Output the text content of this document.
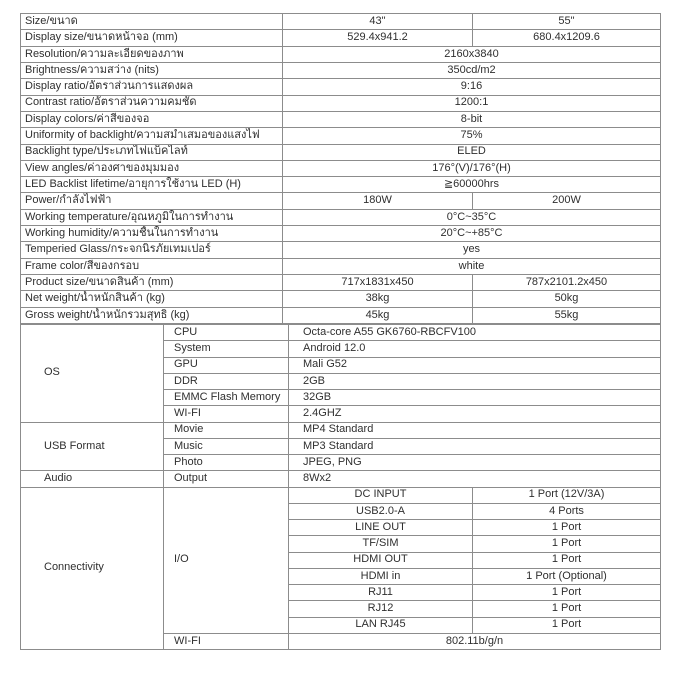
Size/ขนาด	43"	55"
Display size/ขนาดหน้าจอ (mm)	529.4x941.2	680.4x1209.6
Resolution/ความละเอียดของภาพ	2160x3840	
Brightness/ความสว่าง (nits)	350cd/m2	
Display ratio/อัตราส่วนการแสดงผล	9:16	
Contrast ratio/อัตราส่วนความคมชัด	1200:1	
Display colors/ค่าสีของจอ	8-bit	
Uniformity of backlight/ความสม่ำเสมอของแสงไฟ	75%	
Backlight type/ประเภทไฟแบ็คไลท์	ELED	
View angles/ค่าองศาของมุมมอง	176°(V)/176°(H)	
LED Backlist lifetime/อายุการใช้งาน LED (H)	≧60000hrs	
Power/กำลังไฟฟ้า	180W	200W
Working temperature/อุณหภูมิในการทำงาน	0°C~35°C	
Working humidity/ความชื้นในการทำงาน	20°C~+85°C	
Temperied Glass/กระจกนิรภัยเทมเปอร์	yes	
Frame color/สีของกรอบ	white	
Product size/ขนาดสินค้า (mm)	717x1831x450	787x2101.2x450
Net weight/น้ำหนักสินค้า (kg)	38kg	50kg
Gross weight/น้ำหนักรวมสุทธิ (kg)	45kg	55kg
OS	CPU	Octa-core A55 GK6760-RBCFV100	
	System	Android 12.0	
	GPU	Mali G52	
	DDR	2GB	
	EMMC Flash Memory	32GB	
	WI-FI	2.4GHZ	
USB Format	Movie	MP4 Standard	
	Music	MP3 Standard	
	Photo	JPEG, PNG	
Audio	Output	8Wx2	
Connectivity	I/O	DC INPUT	1 Port (12V/3A)
		USB2.0-A	4 Ports
		LINE OUT	1 Port
		TF/SIM	1 Port
		HDMI OUT	1 Port
		HDMI in	1 Port (Optional)
		RJ11	1 Port
		RJ12	1 Port
		LAN RJ45	1 Port
	WI-FI	802.11b/g/n	
